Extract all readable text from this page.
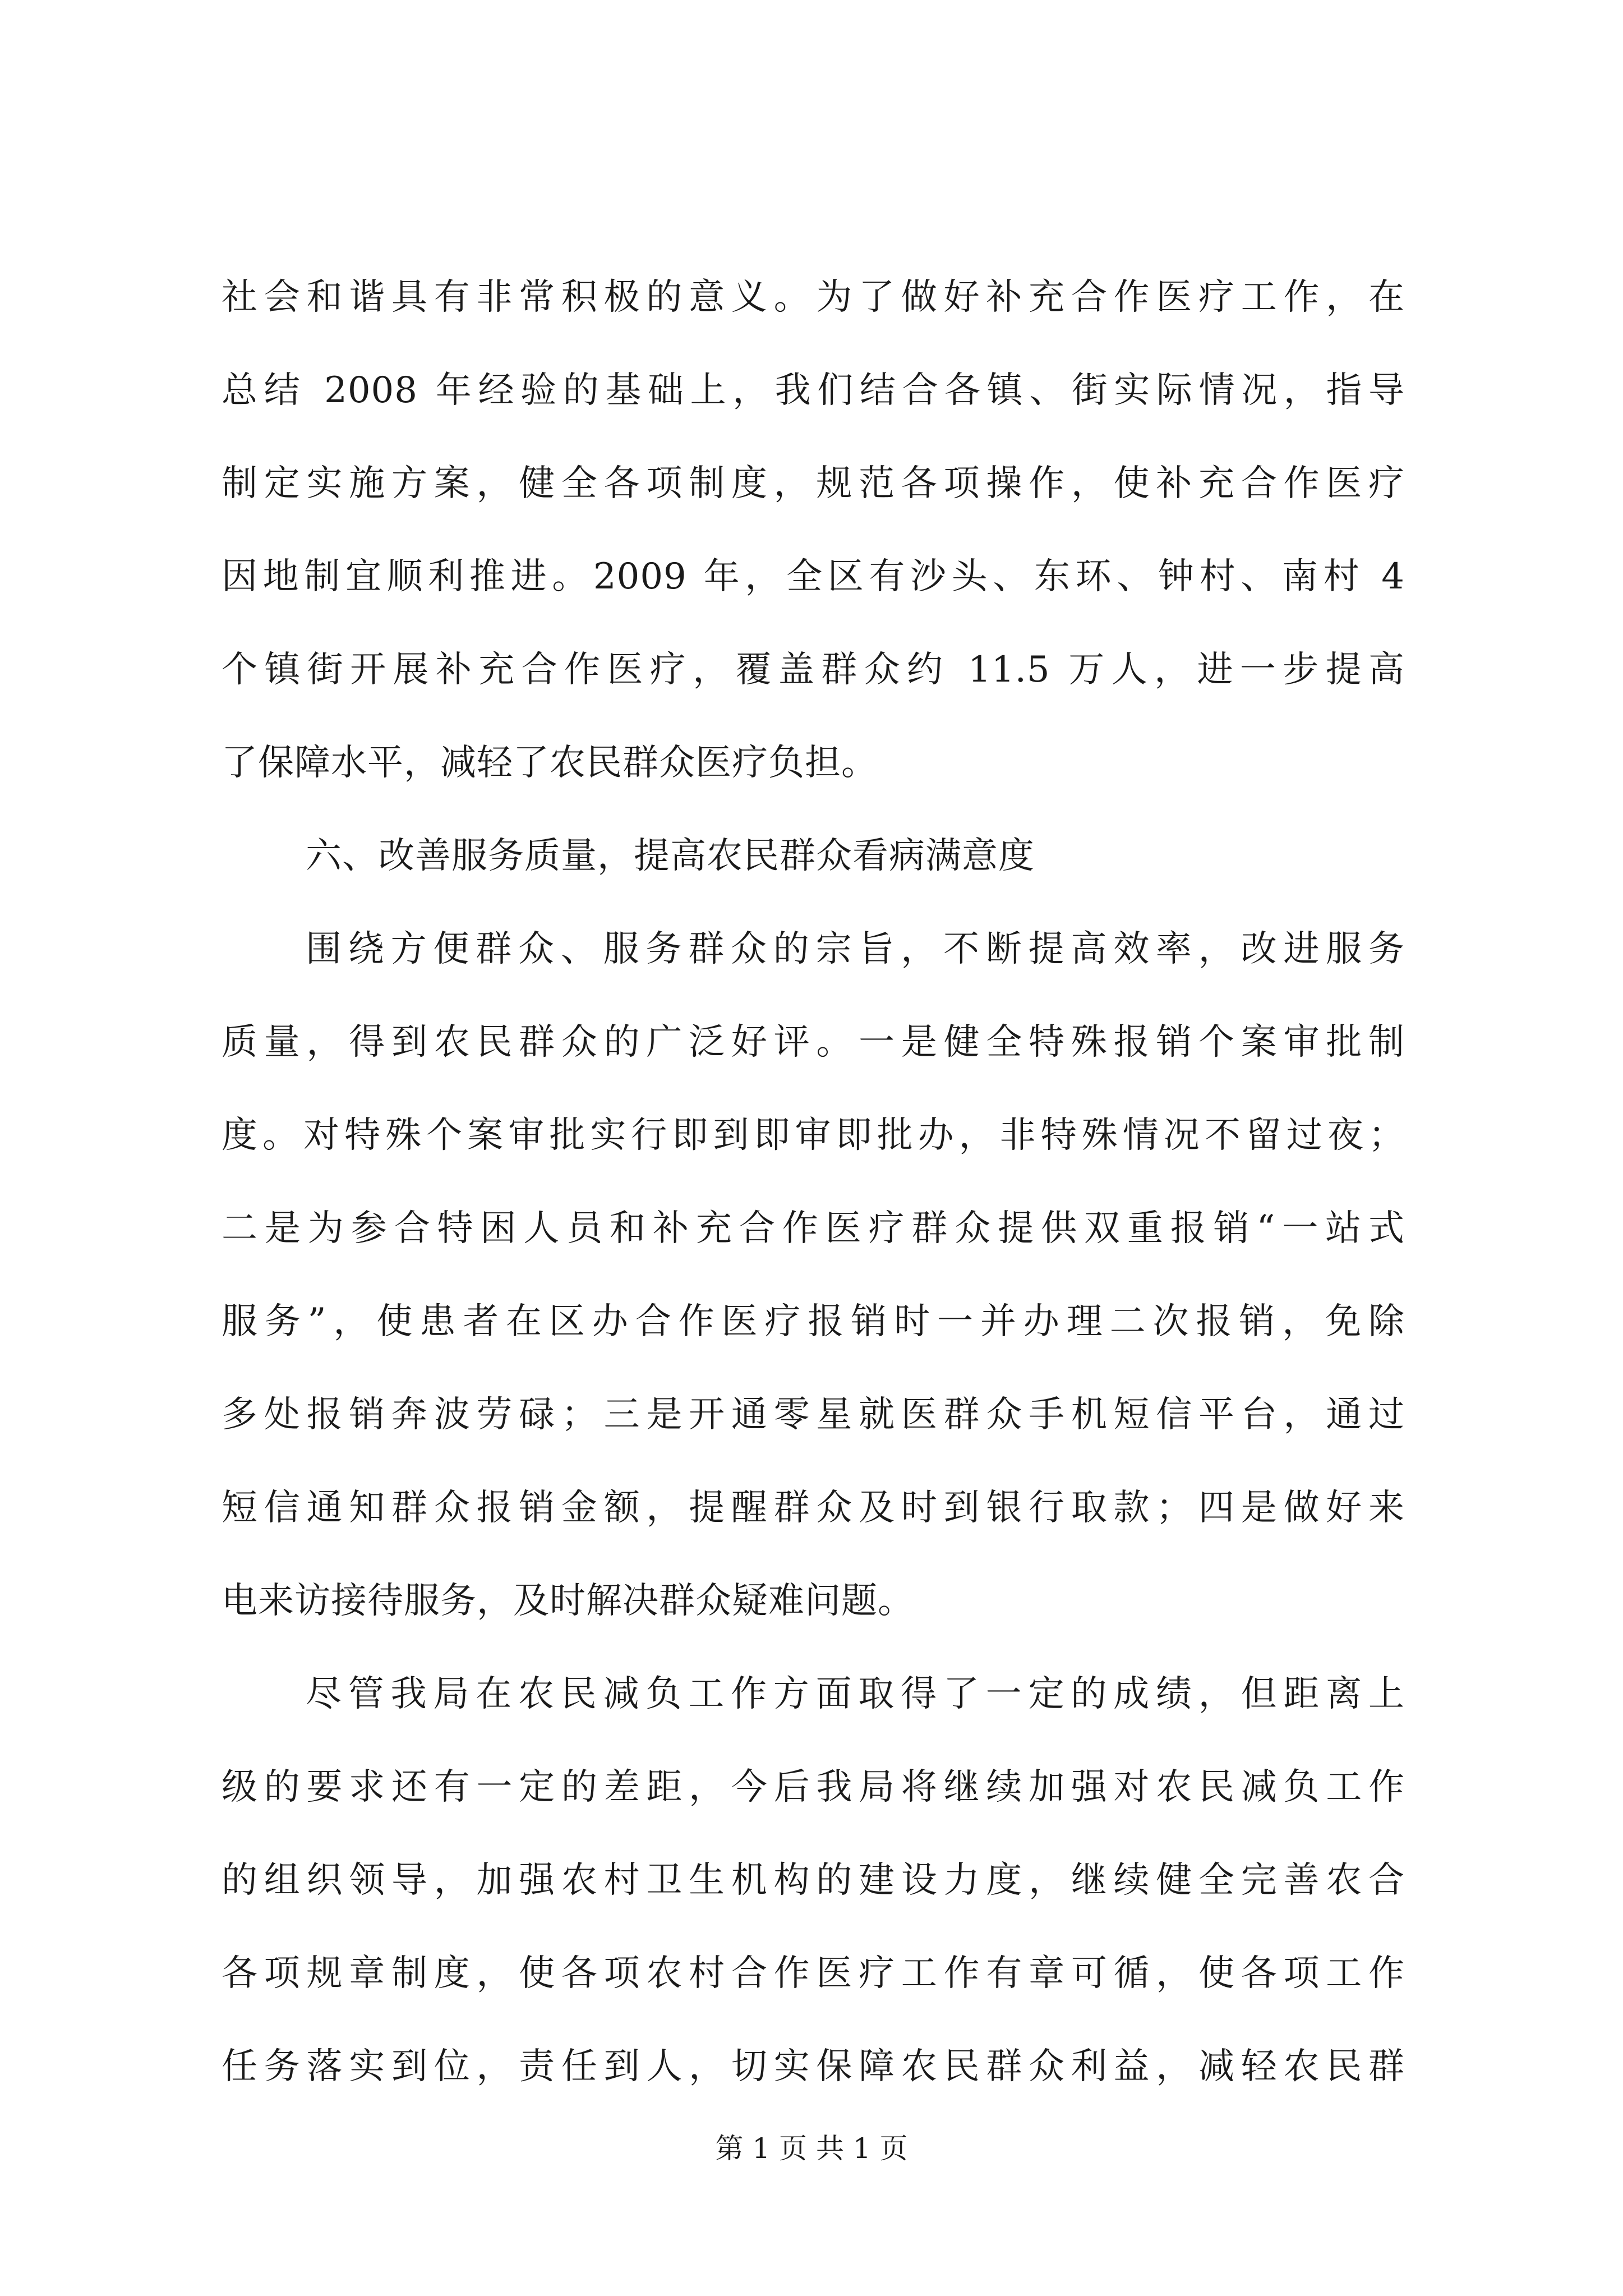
社会和谐具有非常积极的意义。为了做好补充合作医疗工作，在
总结 2008 年经验的基础上，我们结合各镇、街实际情况，指导
制定实施方案，健全各项制度，规范各项操作，使补充合作医疗
因地制宜顺利推进。2009 年，全区有沙头、东环、钟村、南村 4
个镇街开展补充合作医疗，覆盖群众约 11.5 万人，进一步提高
了保障水平，减轻了农民群众医疗负担。
六、改善服务质量，提高农民群众看病满意度
围绕方便群众、服务群众的宗旨，不断提高效率，改进服务
质量，得到农民群众的广泛好评。一是健全特殊报销个案审批制
度。对特殊个案审批实行即到即审即批办，非特殊情况不留过夜；
二是为参合特困人员和补充合作医疗群众提供双重报销“一站式
服务”，使患者在区办合作医疗报销时一并办理二次报销，免除
多处报销奔波劳碌；三是开通零星就医群众手机短信平台，通过
短信通知群众报销金额，提醒群众及时到银行取款；四是做好来
电来访接待服务，及时解决群众疑难问题。
尽管我局在农民减负工作方面取得了一定的成绩，但距离上
级的要求还有一定的差距，今后我局将继续加强对农民减负工作
的组织领导，加强农村卫生机构的建设力度，继续健全完善农合
各项规章制度，使各项农村合作医疗工作有章可循，使各项工作
任务落实到位，责任到人，切实保障农民群众利益，减轻农民群
第 1 页 共 1 页
